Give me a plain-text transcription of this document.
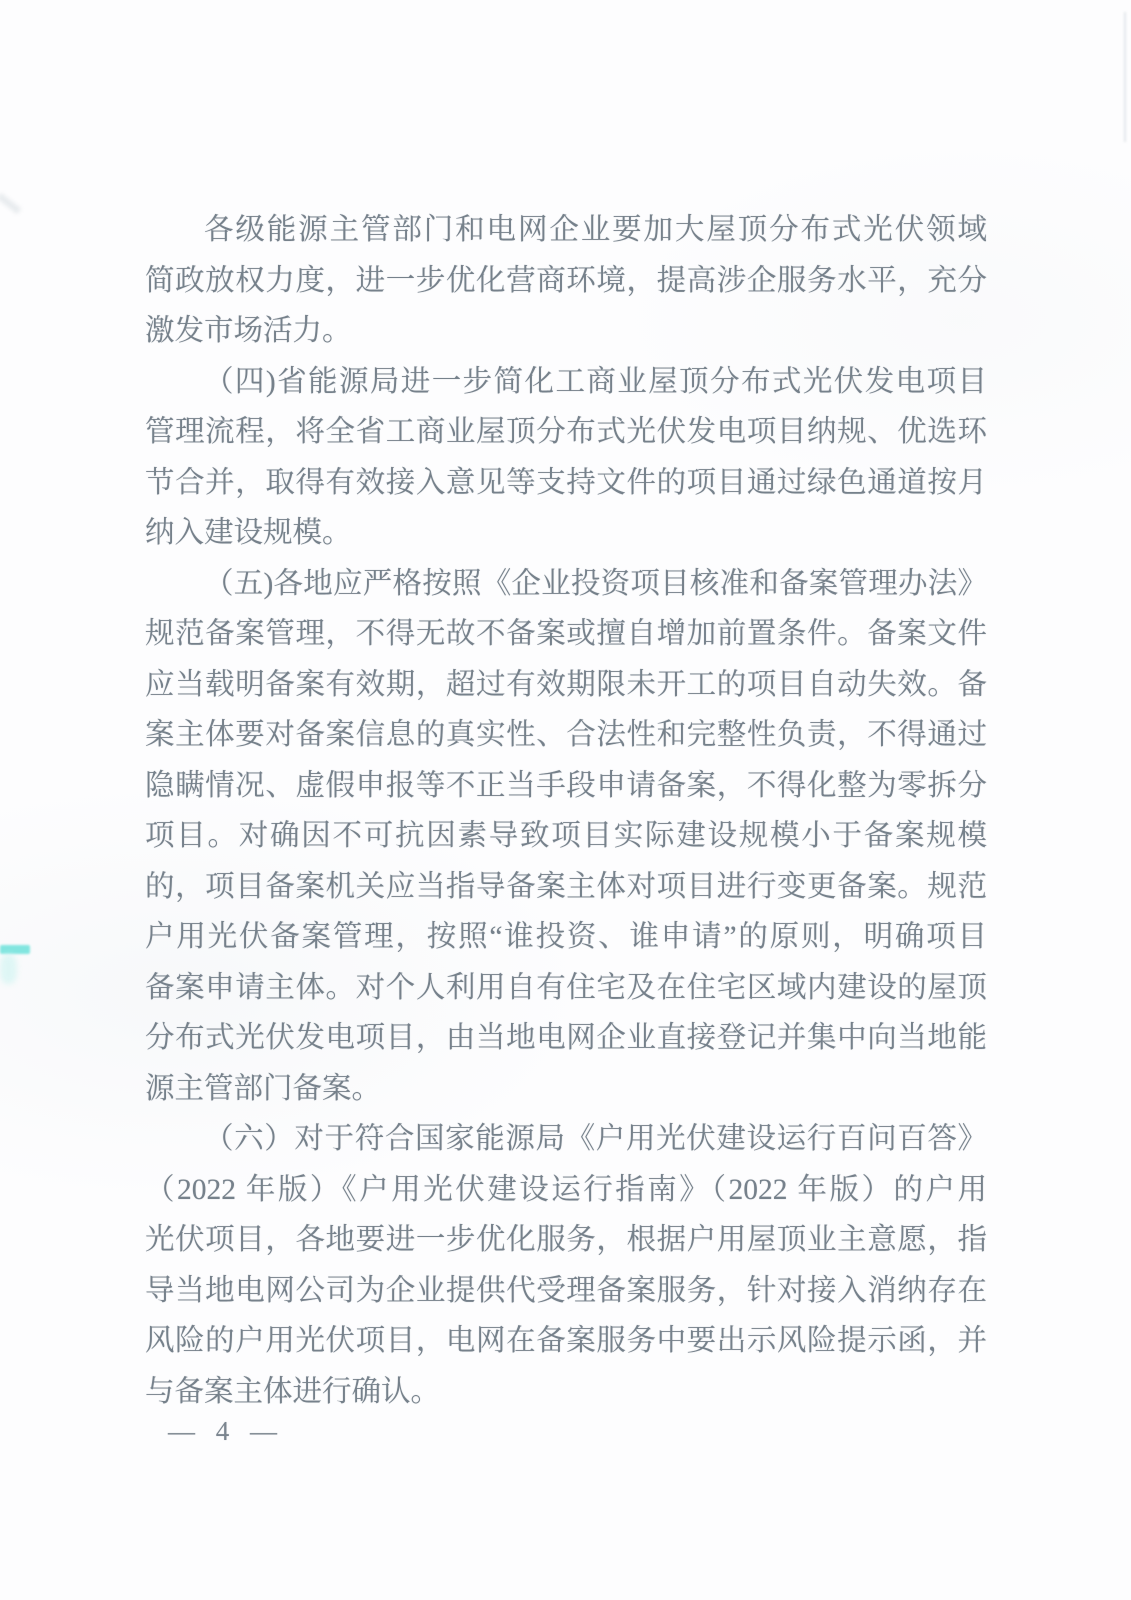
各级能源主管部门和电网企业要加大屋顶分布式光伏领域
简政放权力度，进一步优化营商环境，提高涉企服务水平，充分
激发市场活力。
（四)省能源局进一步简化工商业屋顶分布式光伏发电项目
管理流程，将全省工商业屋顶分布式光伏发电项目纳规、优选环
节合并，取得有效接入意见等支持文件的项目通过绿色通道按月
纳入建设规模。
（五)各地应严格按照《企业投资项目核准和备案管理办法》
规范备案管理，不得无故不备案或擅自增加前置条件。备案文件
应当载明备案有效期，超过有效期限未开工的项目自动失效。备
案主体要对备案信息的真实性、合法性和完整性负责，不得通过
隐瞒情况、虚假申报等不正当手段申请备案，不得化整为零拆分
项目。对确因不可抗因素导致项目实际建设规模小于备案规模
的，项目备案机关应当指导备案主体对项目进行变更备案。规范
户用光伏备案管理，按照“谁投资、谁申请”的原则，明确项目
备案申请主体。对个人利用自有住宅及在住宅区域内建设的屋顶
分布式光伏发电项目，由当地电网企业直接登记并集中向当地能
源主管部门备案。
（六）对于符合国家能源局《户用光伏建设运行百问百答》
（2022 年版）《户用光伏建设运行指南》（2022 年版）的户用
光伏项目，各地要进一步优化服务，根据户用屋顶业主意愿，指
导当地电网公司为企业提供代受理备案服务，针对接入消纳存在
风险的户用光伏项目，电网在备案服务中要出示风险提示函，并
与备案主体进行确认。
— 4 —
